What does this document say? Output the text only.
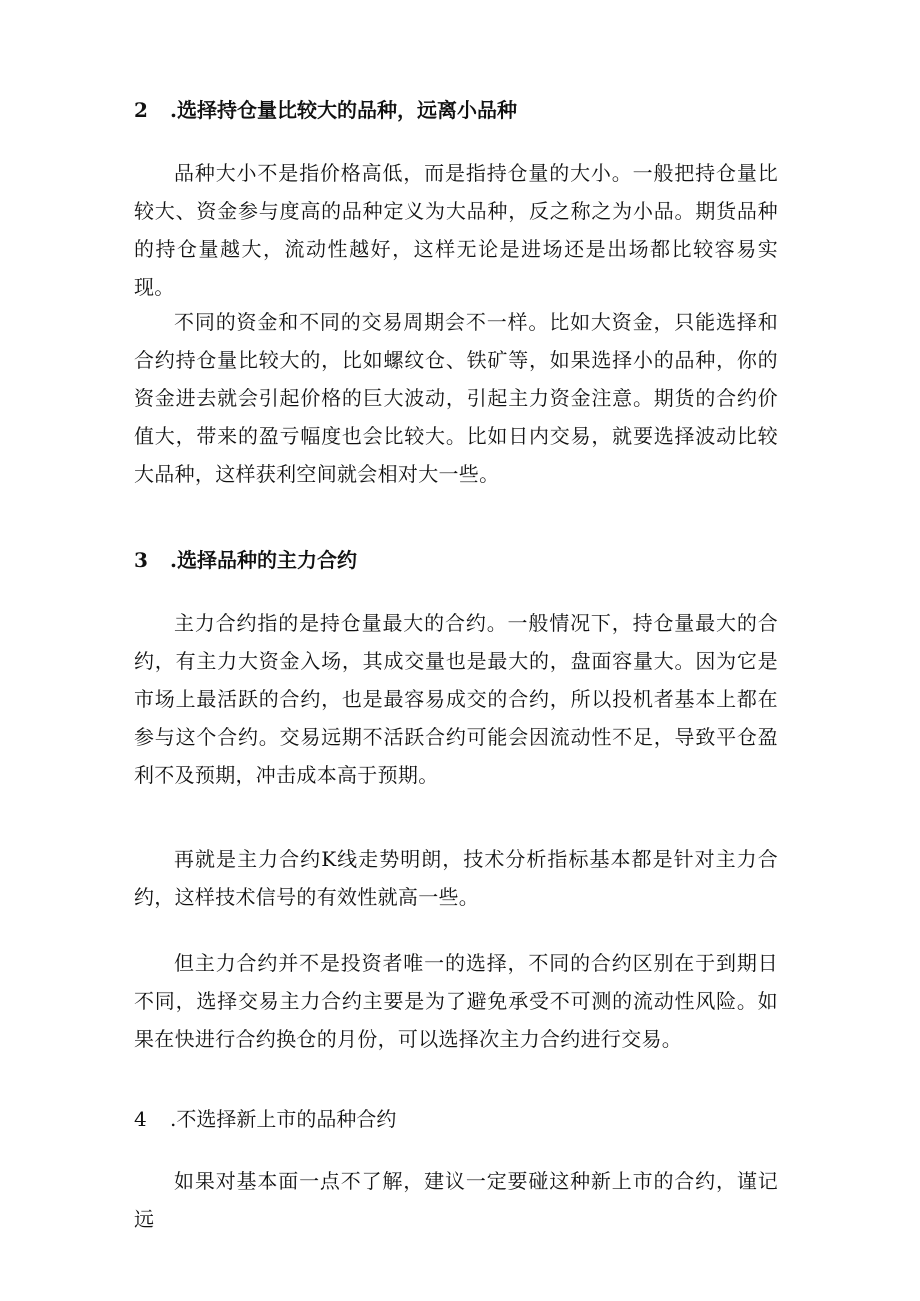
2 .选择持仓量比较大的品种，远离小品种

品种大小不是指价格高低，而是指持仓量的大小。一般把持仓量比较大、资金参与度高的品种定义为大品种，反之称之为小品。期货品种的持仓量越大，流动性越好，这样无论是进场还是出场都比较容易实现。

不同的资金和不同的交易周期会不一样。比如大资金，只能选择和合约持仓量比较大的，比如螺纹仓、铁矿等，如果选择小的品种，你的资金进去就会引起价格的巨大波动，引起主力资金注意。期货的合约价值大，带来的盈亏幅度也会比较大。比如日内交易，就要选择波动比较大品种，这样获利空间就会相对大一些。

3 .选择品种的主力合约

主力合约指的是持仓量最大的合约。一般情况下，持仓量最大的合约，有主力大资金入场，其成交量也是最大的，盘面容量大。因为它是市场上最活跃的合约，也是最容易成交的合约，所以投机者基本上都在参与这个合约。交易远期不活跃合约可能会因流动性不足，导致平仓盈利不及预期，冲击成本高于预期。

再就是主力合约K线走势明朗，技术分析指标基本都是针对主力合约，这样技术信号的有效性就高一些。

但主力合约并不是投资者唯一的选择，不同的合约区别在于到期日不同，选择交易主力合约主要是为了避免承受不可测的流动性风险。如果在快进行合约换仓的月份，可以选择次主力合约进行交易。

4 .不选择新上市的品种合约

如果对基本面一点不了解，建议一定要碰这种新上市的合约，谨记远
